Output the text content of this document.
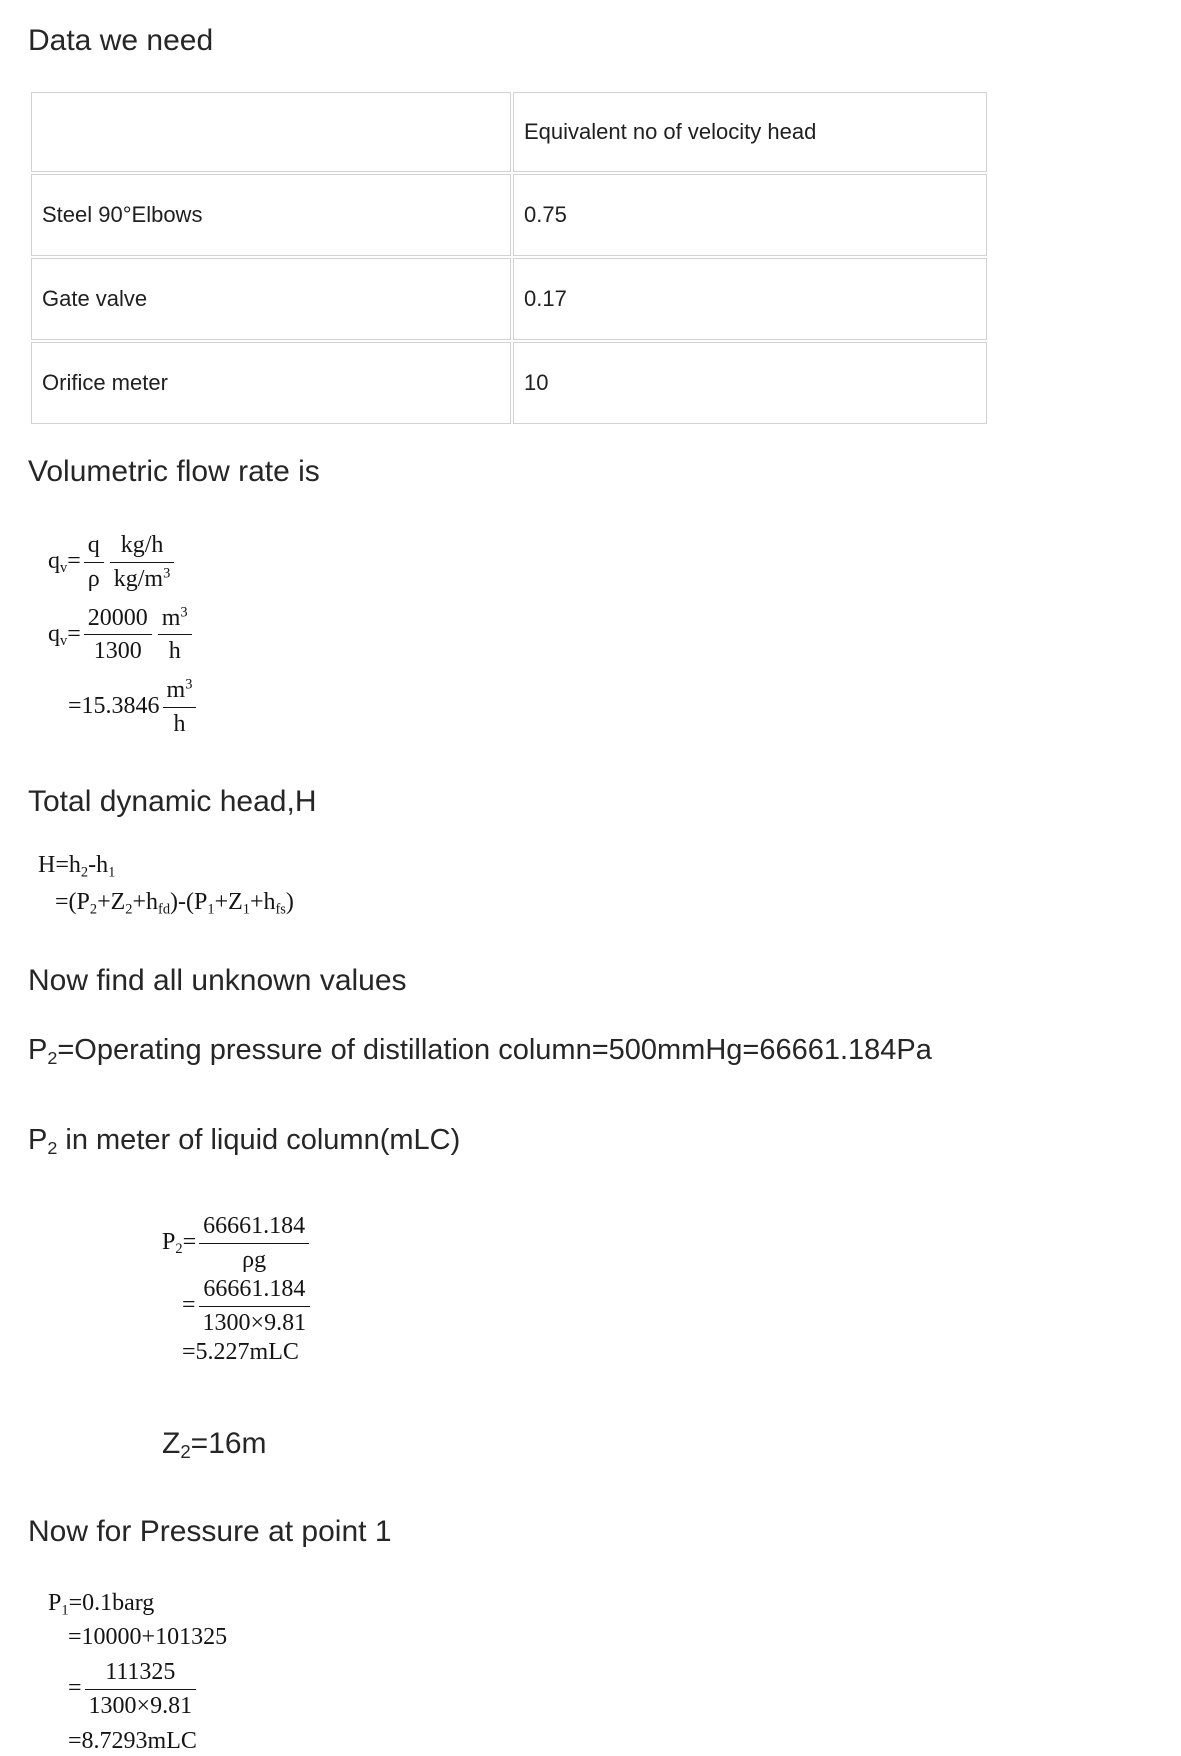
Data we need
	Equivalent no of velocity head
Steel 90°Elbows	0.75
Gate valve	0.17
Orifice meter	10
Volumetric flow rate is
$q_v= \frac{q}{\rho} \frac{kg/h}{kg/m^3}$
$q_v= \frac{20000}{1300} \frac{m^3}{h}$
$=15.3846 \frac{m^3}{h}$
Total dynamic head,H
$H=h_2-h_1$
$=(P_2+Z_2+h_{fd})-(P_1+Z_1+h_{fs})$
Now find all unknown values

$P_2=Operating$ pressure of distillation column=500mmHg=66661.184Pa

$P_2$ in meter of liquid column(mLC)

$P_2= \frac{66661.184}{\rho g}$
= $\frac{66661.184}{1300\times 9.81}$
=5.227mLC

$Z_2=16m$

Now for Pressure at point 1
$P_1=0.1barg$
=10000+101325
= $\frac{111325}{1300\times 9.81}$
=8.7293mLC
